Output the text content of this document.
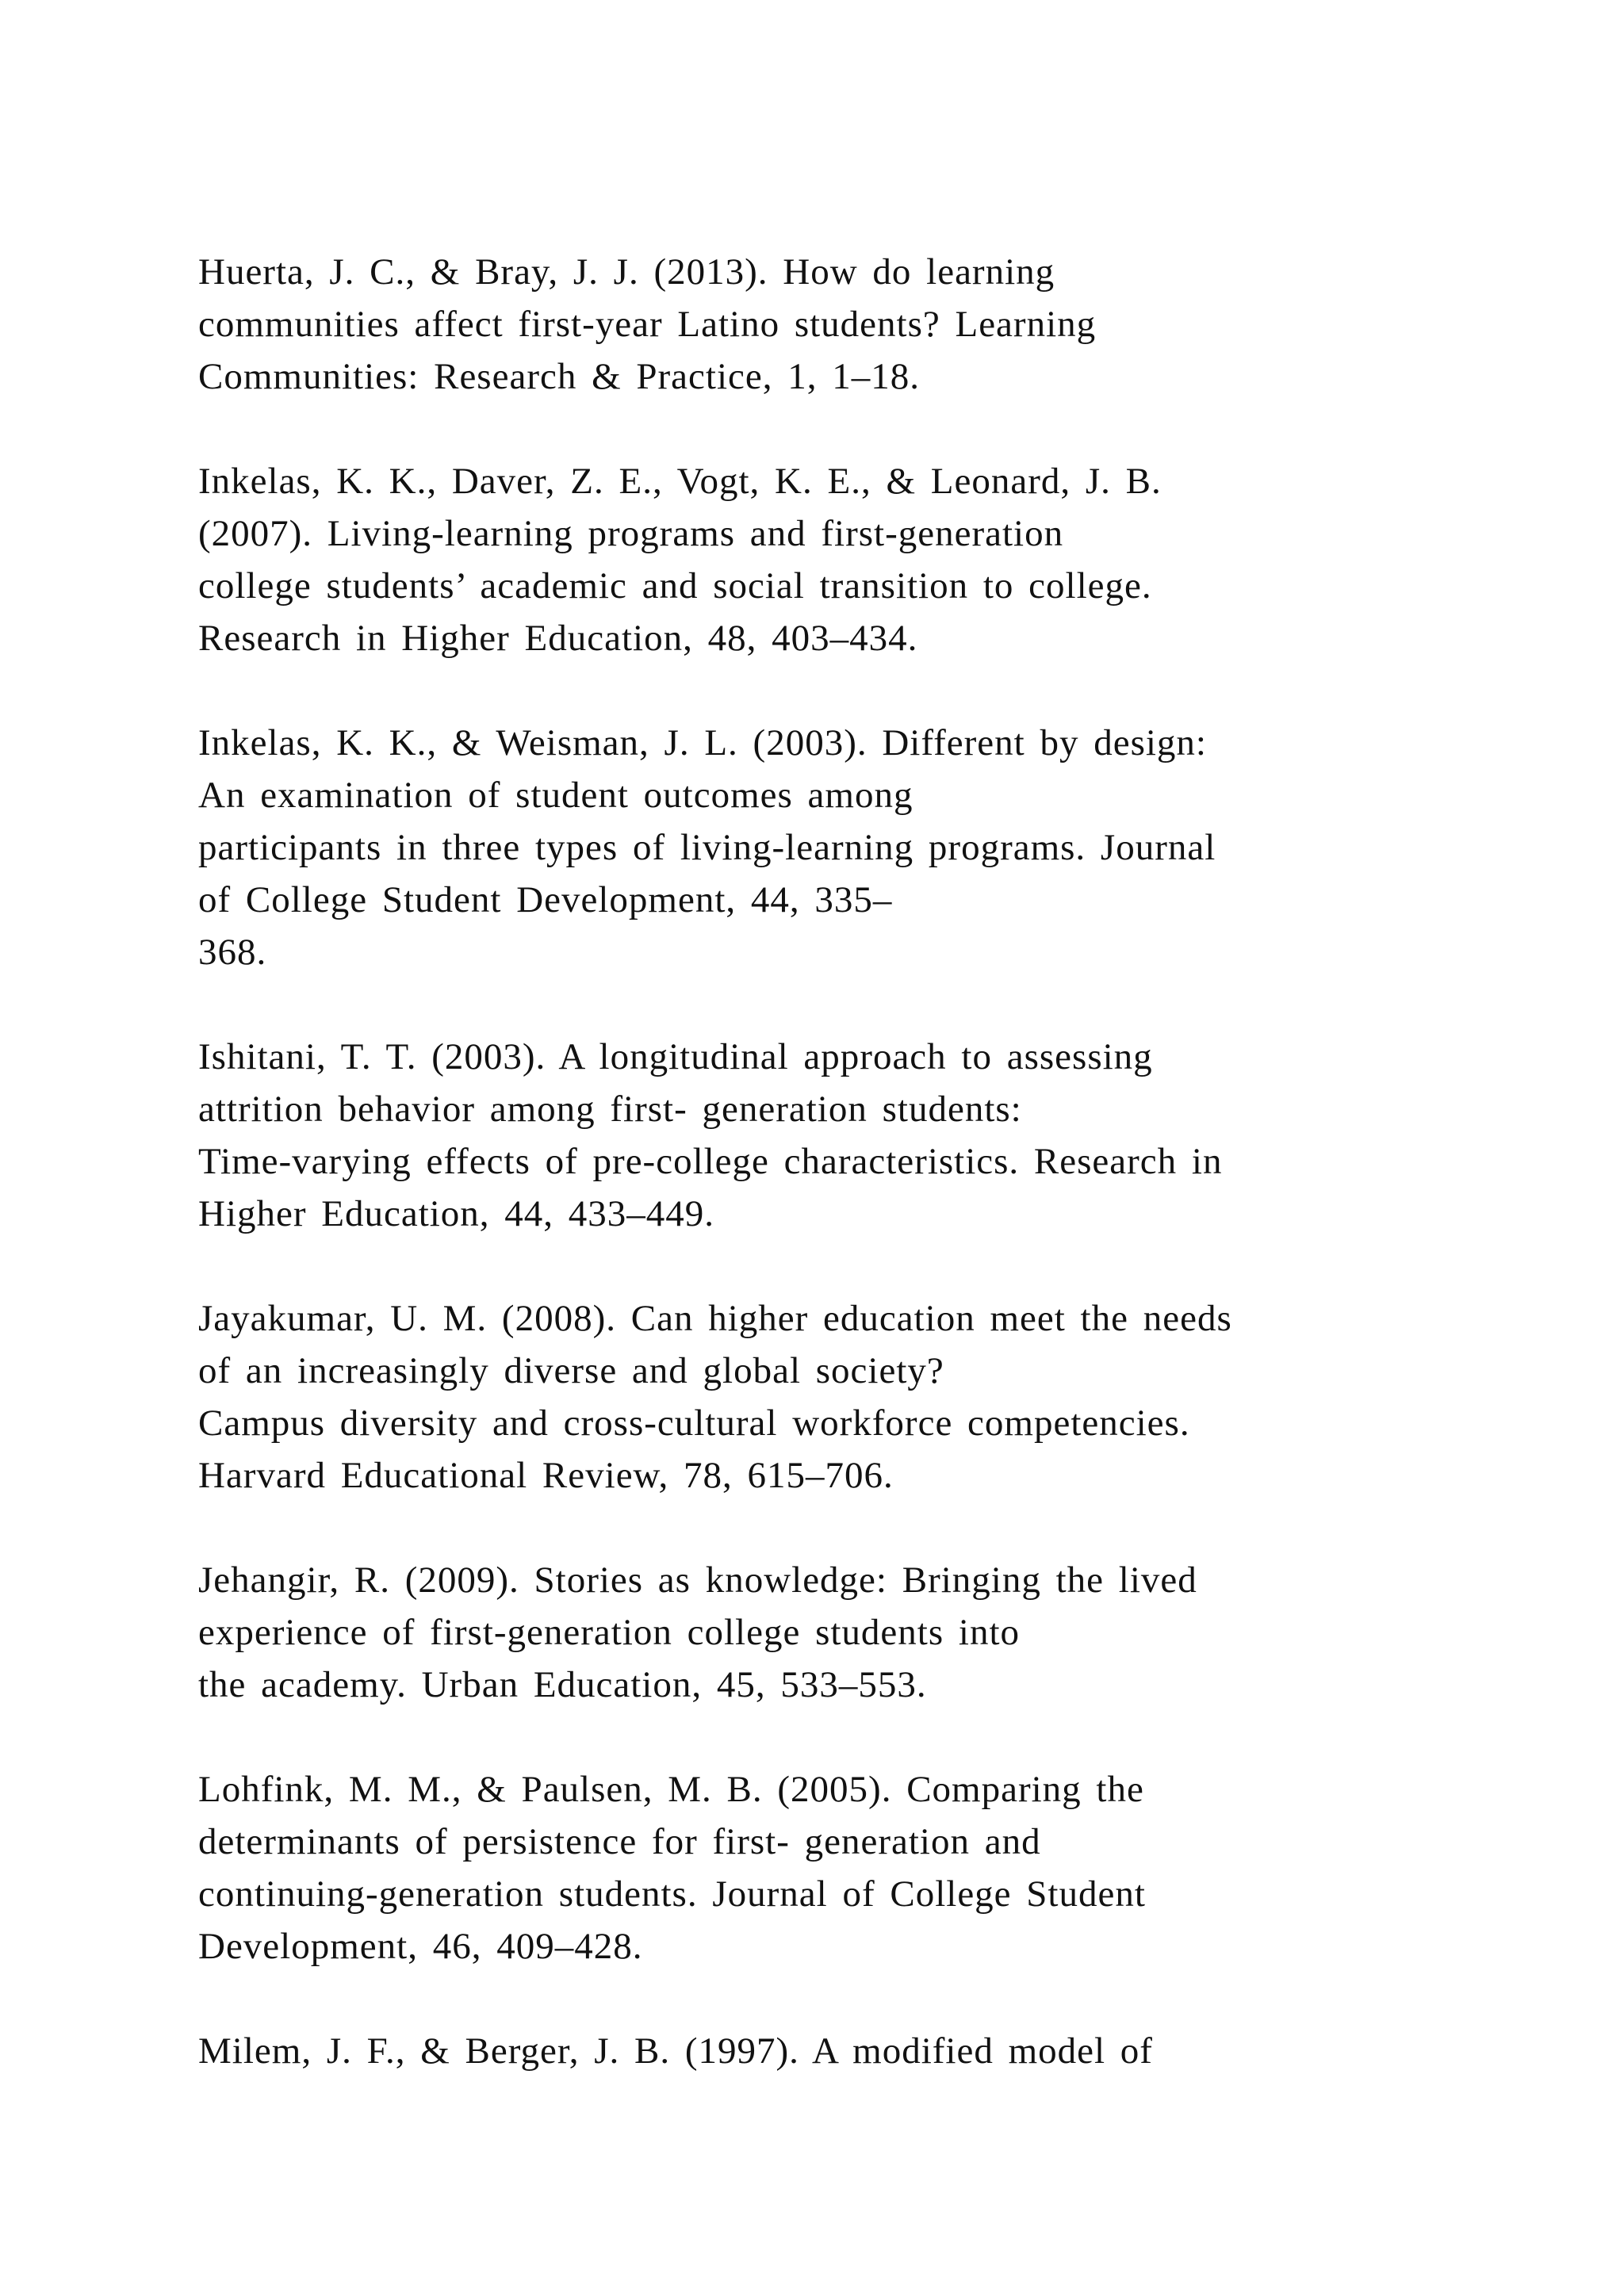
Huerta, J. C., & Bray, J. J. (2013). How do learning
communities affect first-year Latino students? Learning
Communities: Research & Practice, 1, 1–18.
Inkelas, K. K., Daver, Z. E., Vogt, K. E., & Leonard, J. B.
(2007). Living-learning programs and first-generation
college students’ academic and social transition to college.
Research in Higher Education, 48, 403–434.
Inkelas, K. K., & Weisman, J. L. (2003). Different by design:
An examination of student outcomes among
participants in three types of living-learning programs. Journal
of College Student Development, 44, 335–
368.
Ishitani, T. T. (2003). A longitudinal approach to assessing
attrition behavior among first- generation students:
Time-varying effects of pre-college characteristics. Research in
Higher Education, 44, 433–449.
Jayakumar, U. M. (2008). Can higher education meet the needs
of an increasingly diverse and global society?
Campus diversity and cross-cultural workforce competencies.
Harvard Educational Review, 78, 615–706.
Jehangir, R. (2009). Stories as knowledge: Bringing the lived
experience of first-generation college students into
the academy. Urban Education, 45, 533–553.
Lohfink, M. M., & Paulsen, M. B. (2005). Comparing the
determinants of persistence for first- generation and
continuing-generation students. Journal of College Student
Development, 46, 409–428.
Milem, J. F., & Berger, J. B. (1997). A modified model of
